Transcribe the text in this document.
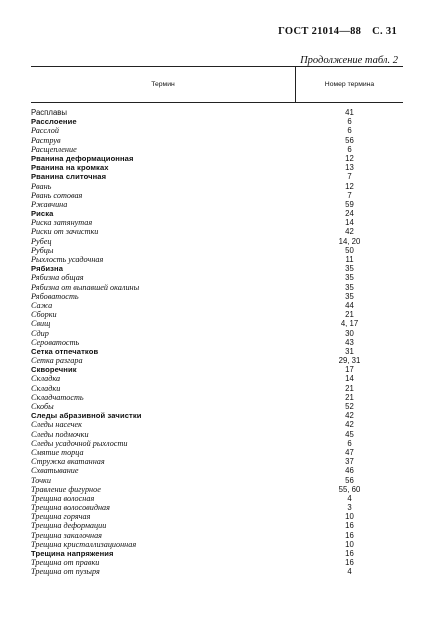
ГОСТ 21014—88 С. 31
Продолжение табл. 2
Термин	Номер термина
Расплавы	41
Расслоение	6
Расслой	6
Раструв	56
Расщепление	6
Рванина деформационная	12
Рванина на кромках	13
Рванина слиточная	7
Рвань	12
Рвань сотовая	7
Ржавчина	59
Риска	24
Риска затянутая	14
Риски от зачистки	42
Рубец	14, 20
Рубцы	50
Рыхлость усадочная	11
Рябизна	35
Рябизна общая	35
Рябизна от выпавшей окалины	35
Рябоватость	35
Сажа	44
Сборки	21
Свищ	4, 17
Сдир	30
Сероватость	43
Сетка отпечатков	31
Сетка разгара	29, 31
Скворечник	17
Складка	14
Складки	21
Складчатость	21
Скобы	52
Следы абразивной зачистки	42
Следы насечек	42
Следы подмочки	45
Следы усадочной рыхлости	6
Смятие торца	47
Стружка вкатанная	37
Схватывание	46
Точки	56
Травление фигурное	55, 60
Трещина волосная	4
Трещина волосовидная	3
Трещина горячая	10
Трещина деформации	16
Трещина закалочная	16
Трещина кристаллизационная	10
Трещина напряжения	16
Трещина от правки	16
Трещина от пузыря	4
